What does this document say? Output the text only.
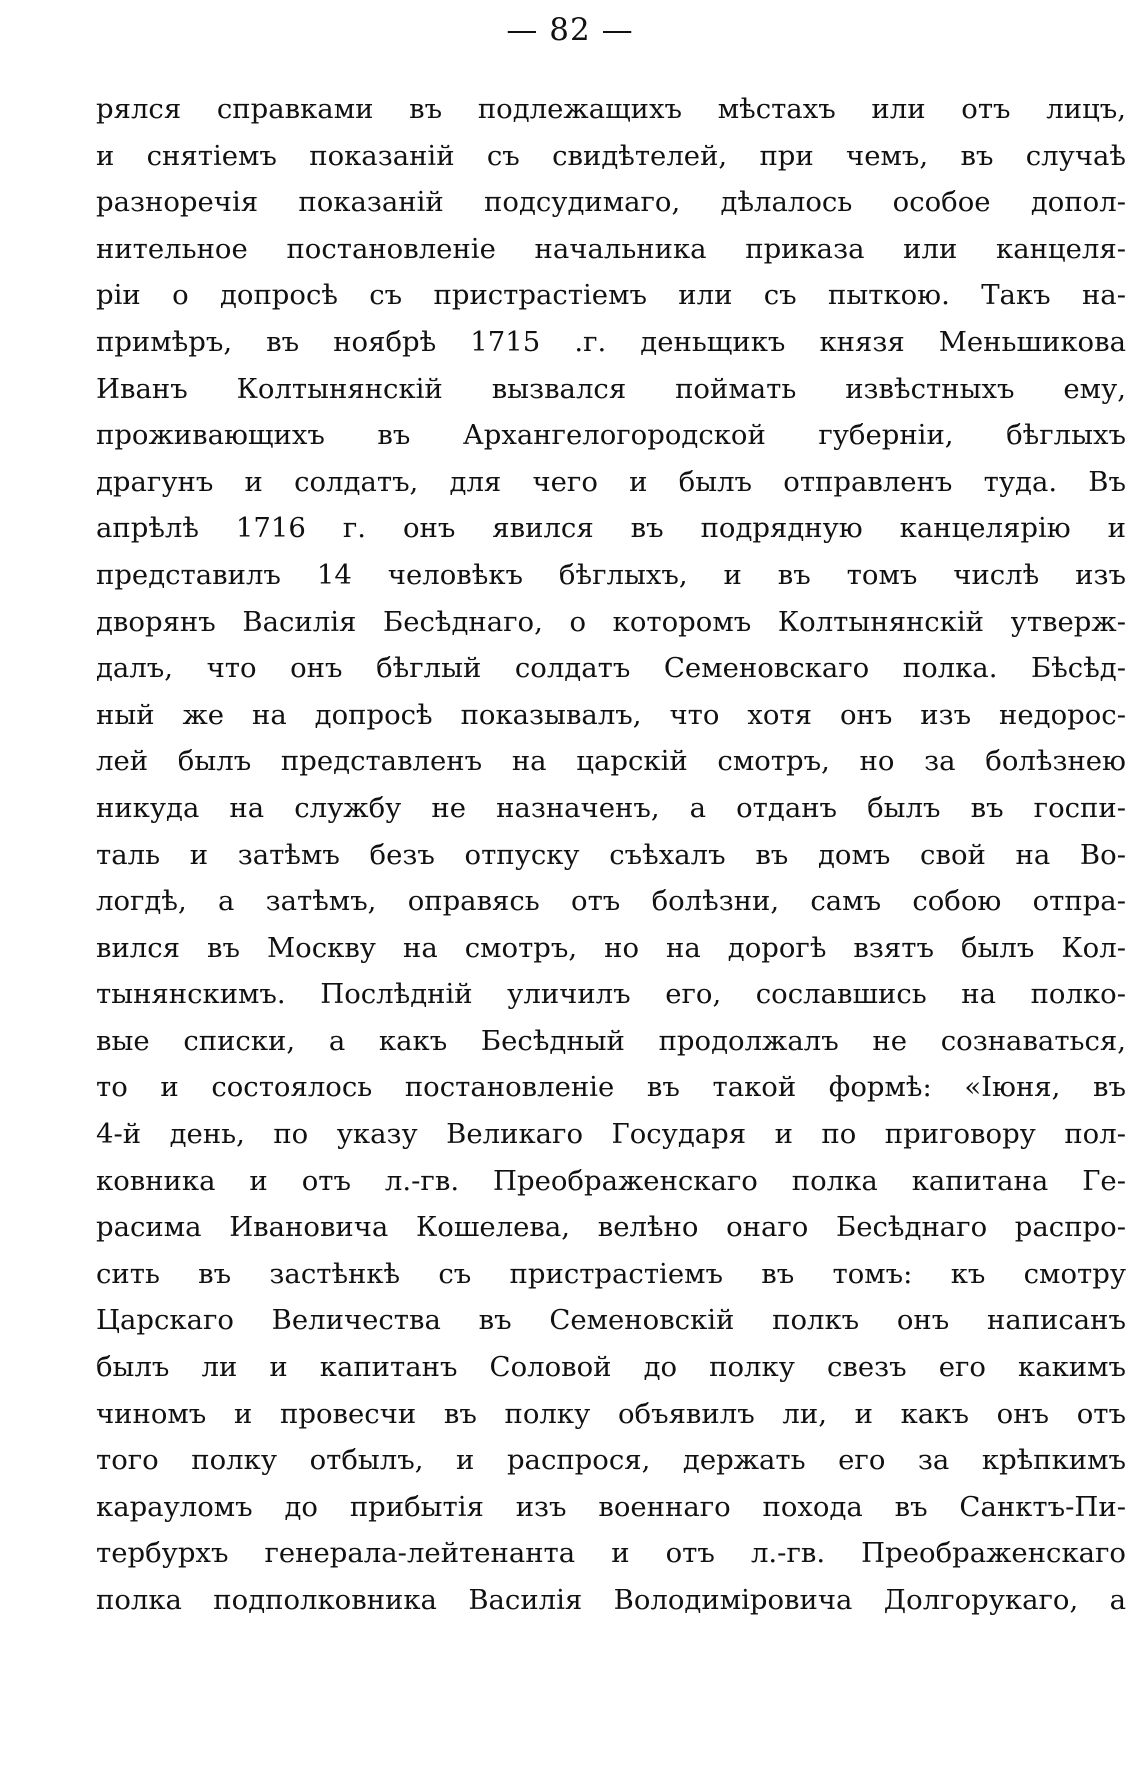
— 82 —
рялся справками въ подлежащихъ мѣстахъ или отъ лицъ,
и снятіемъ показаній съ свидѣтелей, при чемъ, въ случаѣ
разноречія показаній подсудимаго, дѣлалось особое допол-
нительное постановленіе начальника приказа или канцеля-
ріи о допросѣ съ пристрастіемъ или съ пыткою. Такъ на-
примѣръ, въ ноябрѣ 1715 .г. деньщикъ князя Меньшикова
Иванъ Колтынянскій вызвался поймать извѣстныхъ ему,
проживающихъ въ Архангелогородской губерніи, бѣглыхъ
драгунъ и солдатъ, для чего и былъ отправленъ туда. Въ
апрѣлѣ 1716 г. онъ явился въ подрядную канцелярію и
представилъ 14 человѣкъ бѣглыхъ, и въ томъ числѣ изъ
дворянъ Василія Бесѣднаго, о которомъ Колтынянскій утверж-
далъ, что онъ бѣглый солдатъ Семеновскаго полка. Бѣсѣд-
ный же на допросѣ показывалъ, что хотя онъ изъ недорос-
лей былъ представленъ на царскій смотръ, но за болѣзнею
никуда на службу не назначенъ, а отданъ былъ въ госпи-
таль и затѣмъ безъ отпуску съѣхалъ въ домъ свой на Во-
логдѣ, а затѣмъ, оправясь отъ болѣзни, самъ собою отпра-
вился въ Москву на смотръ, но на дорогѣ взятъ былъ Кол-
тынянскимъ. Послѣдній уличилъ его, сославшись на полко-
вые списки, а какъ Бесѣдный продолжалъ не сознаваться,
то и состоялось постановленіе въ такой формѣ: «Іюня, въ
4-й день, по указу Великаго Государя и по приговору пол-
ковника и отъ л.-гв. Преображенскаго полка капитана Ге-
расима Ивановича Кошелева, велѣно онаго Бесѣднаго распро-
сить въ застѣнкѣ съ пристрастіемъ въ томъ: къ смотру
Царскаго Величества въ Семеновскій полкъ онъ написанъ
былъ ли и капитанъ Соловой до полку свезъ его какимъ
чиномъ и провесчи въ полку объявилъ ли, и какъ онъ отъ
того полку отбылъ, и распрося, держать его за крѣпкимъ
карауломъ до прибытія изъ военнаго похода въ Санктъ-Пи-
тербурхъ генерала-лейтенанта и отъ л.-гв. Преображенскаго
полка подполковника Василія Володиміровича Долгорукаго, а
